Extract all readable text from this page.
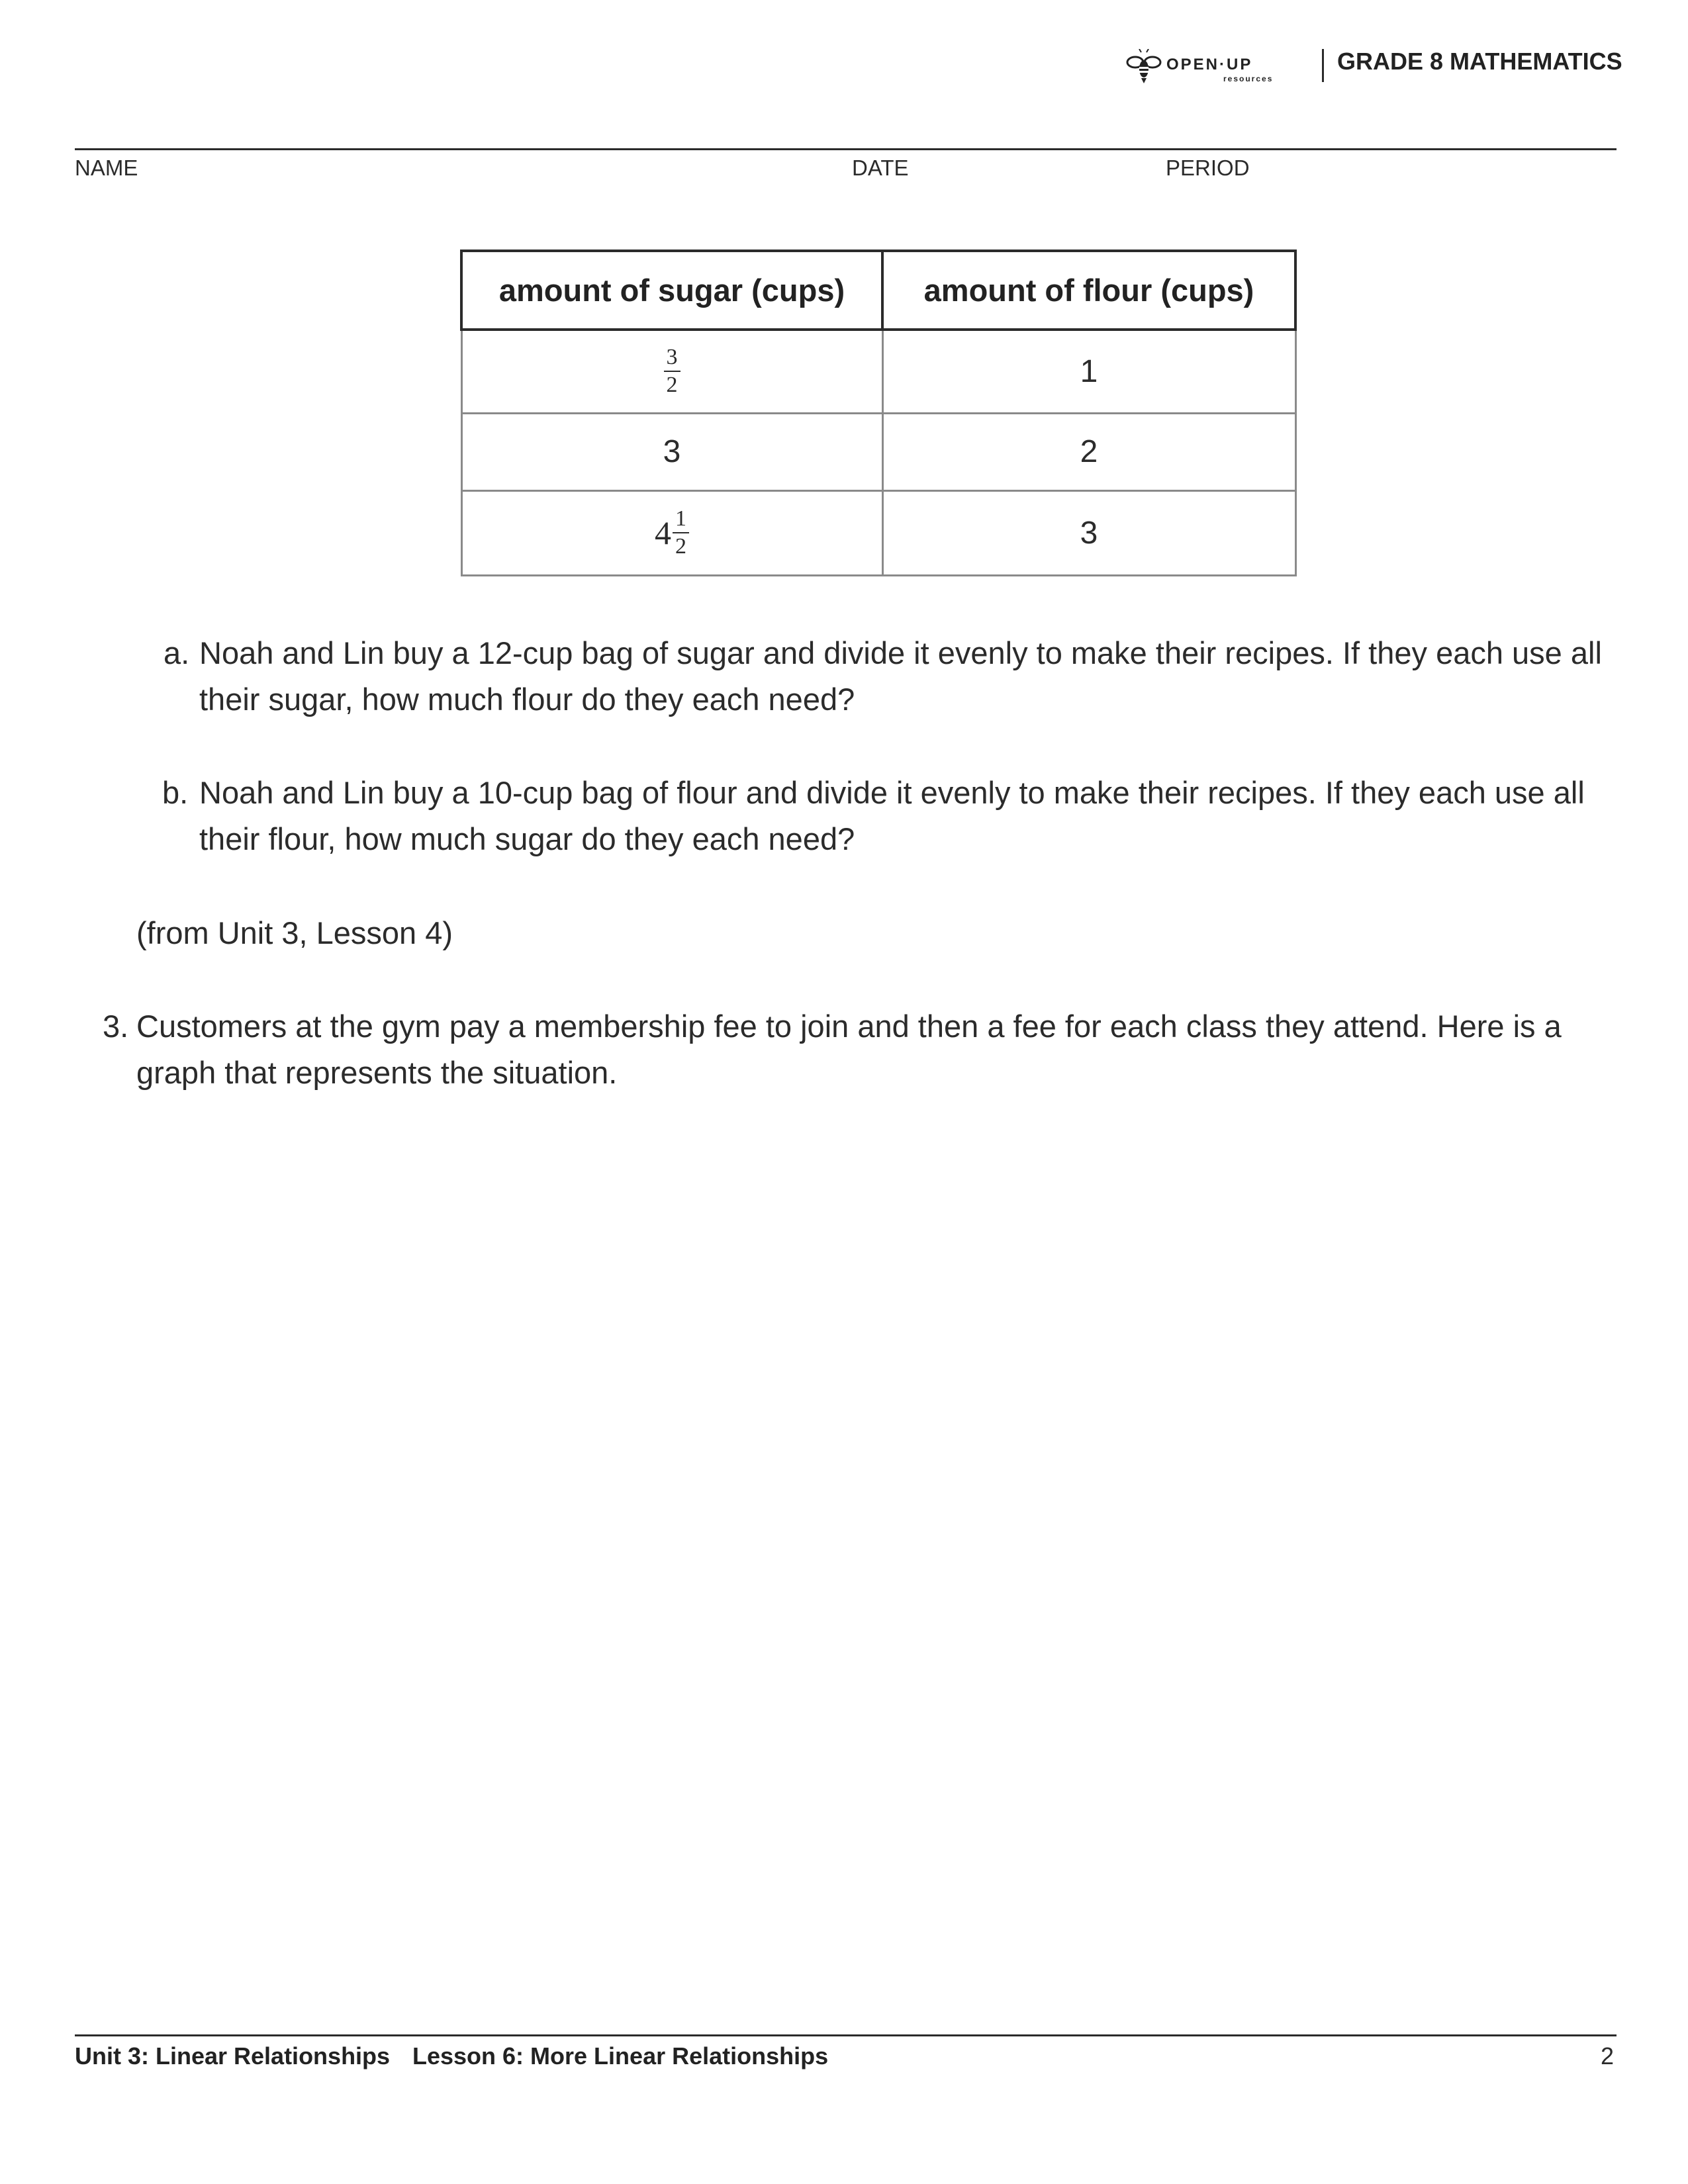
OPEN·UP
resources
GRADE 8 MATHEMATICS
NAME	DATE	PERIOD
amount of sugar (cups)	amount of flour (cups)

$\frac{3}{2}$	1
3	2
$4 \frac{1}{2}$	3
a. Noah and Lin buy a 12-cup bag of sugar and divide it evenly to make their recipes. If they each use all their sugar, how much flour do they each need?
b. Noah and Lin buy a 10-cup bag of flour and divide it evenly to make their recipes. If they each use all their flour, how much sugar do they each need?
(from Unit 3, Lesson 4)
3. Customers at the gym pay a membership fee to join and then a fee for each class they attend. Here is a graph that represents the situation.
Unit 3: Linear Relationships Lesson 6: More Linear Relationships	2
